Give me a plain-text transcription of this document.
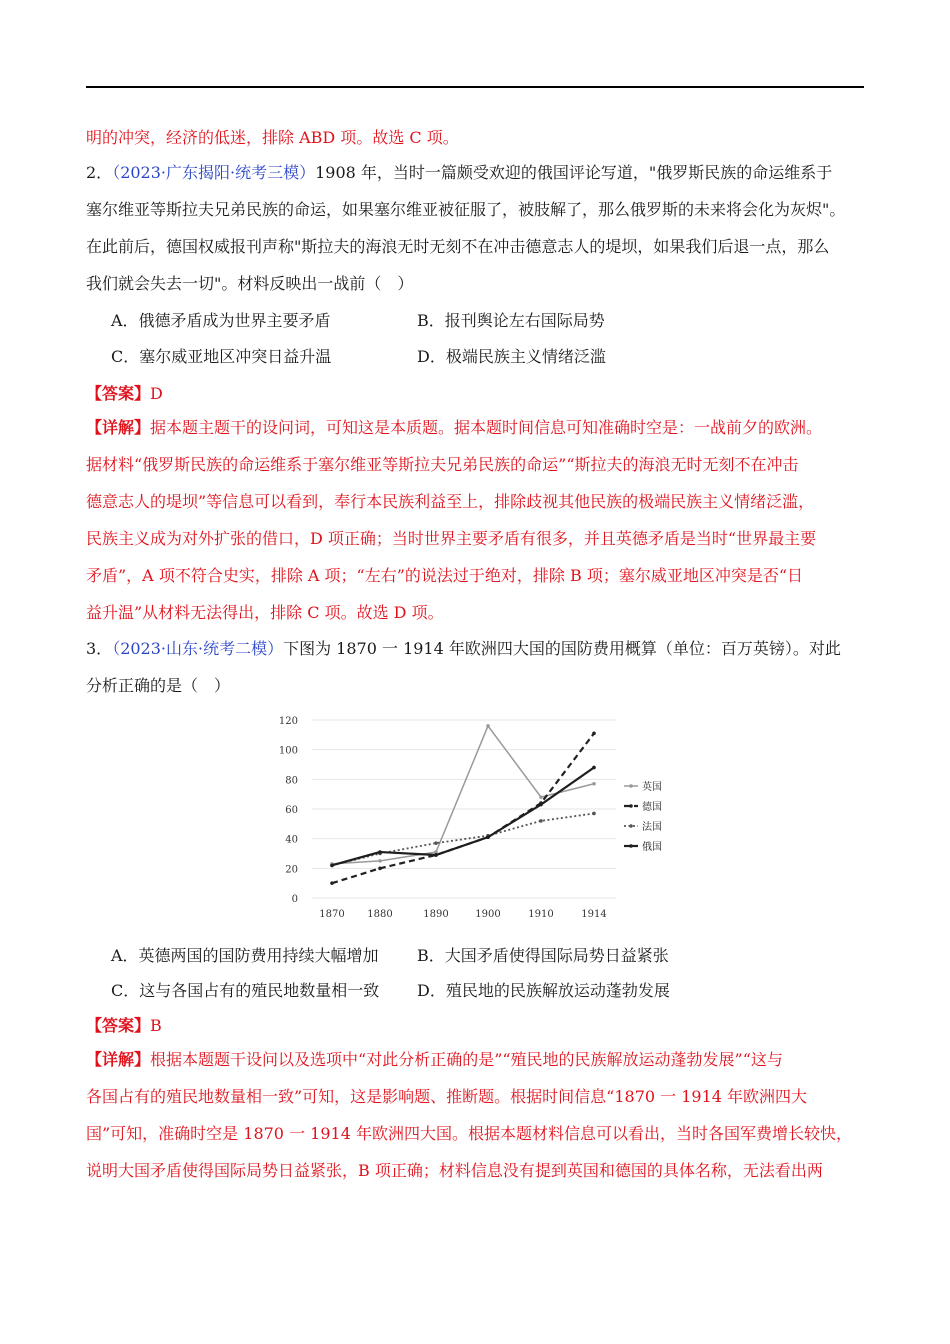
明的冲突，经济的低迷，排除 ABD 项。故选 C 项。
2．（2023·广东揭阳·统考三模）1908 年，当时一篇颇受欢迎的俄国评论写道，"俄罗斯民族的命运维系于
塞尔维亚等斯拉夫兄弟民族的命运，如果塞尔维亚被征服了，被肢解了，那么俄罗斯的未来将会化为灰烬"。
在此前后，德国权威报刊声称"斯拉夫的海浪无时无刻不在冲击德意志人的堤坝，如果我们后退一点，那么
我们就会失去一切"。材料反映出一战前（　）
A．俄德矛盾成为世界主要矛盾	B．报刊舆论左右国际局势
C．塞尔威亚地区冲突日益升温	D．极端民族主义情绪泛滥
【答案】D
【详解】据本题主题干的设问词，可知这是本质题。据本题时间信息可知准确时空是：一战前夕的欧洲。
据材料“俄罗斯民族的命运维系于塞尔维亚等斯拉夫兄弟民族的命运”“斯拉夫的海浪无时无刻不在冲击
德意志人的堤坝”等信息可以看到，奉行本民族利益至上，排除歧视其他民族的极端民族主义情绪泛滥，
民族主义成为对外扩张的借口，D 项正确；当时世界主要矛盾有很多，并且英德矛盾是当时“世界最主要
矛盾”，A 项不符合史实，排除 A 项；“左右”的说法过于绝对，排除 B 项；塞尔威亚地区冲突是否“日
益升温”从材料无法得出，排除 C 项。故选 D 项。
3．（2023·山东·统考二模）下图为 1870 一 1914 年欧洲四大国的国防费用概算（单位：百万英镑）。对此
分析正确的是（　）
0
20
40
60
80
100
120
1870 1880	1890	1900	1910	1914
英国
德国
法国
俄国
A．英德两国的国防费用持续大幅增加 B．大国矛盾使得国际局势日益紧张
C．这与各国占有的殖民地数量相一致 D．殖民地的民族解放运动蓬勃发展
【答案】B
【详解】根据本题题干设问以及选项中“对此分析正确的是”“殖民地的民族解放运动蓬勃发展”“这与
各国占有的殖民地数量相一致”可知，这是影响题、推断题。根据时间信息“1870 一 1914 年欧洲四大
国”可知，准确时空是 1870 一 1914 年欧洲四大国。根据本题材料信息可以看出，当时各国军费增长较快，
说明大国矛盾使得国际局势日益紧张，B 项正确；材料信息没有提到英国和德国的具体名称，无法看出两
